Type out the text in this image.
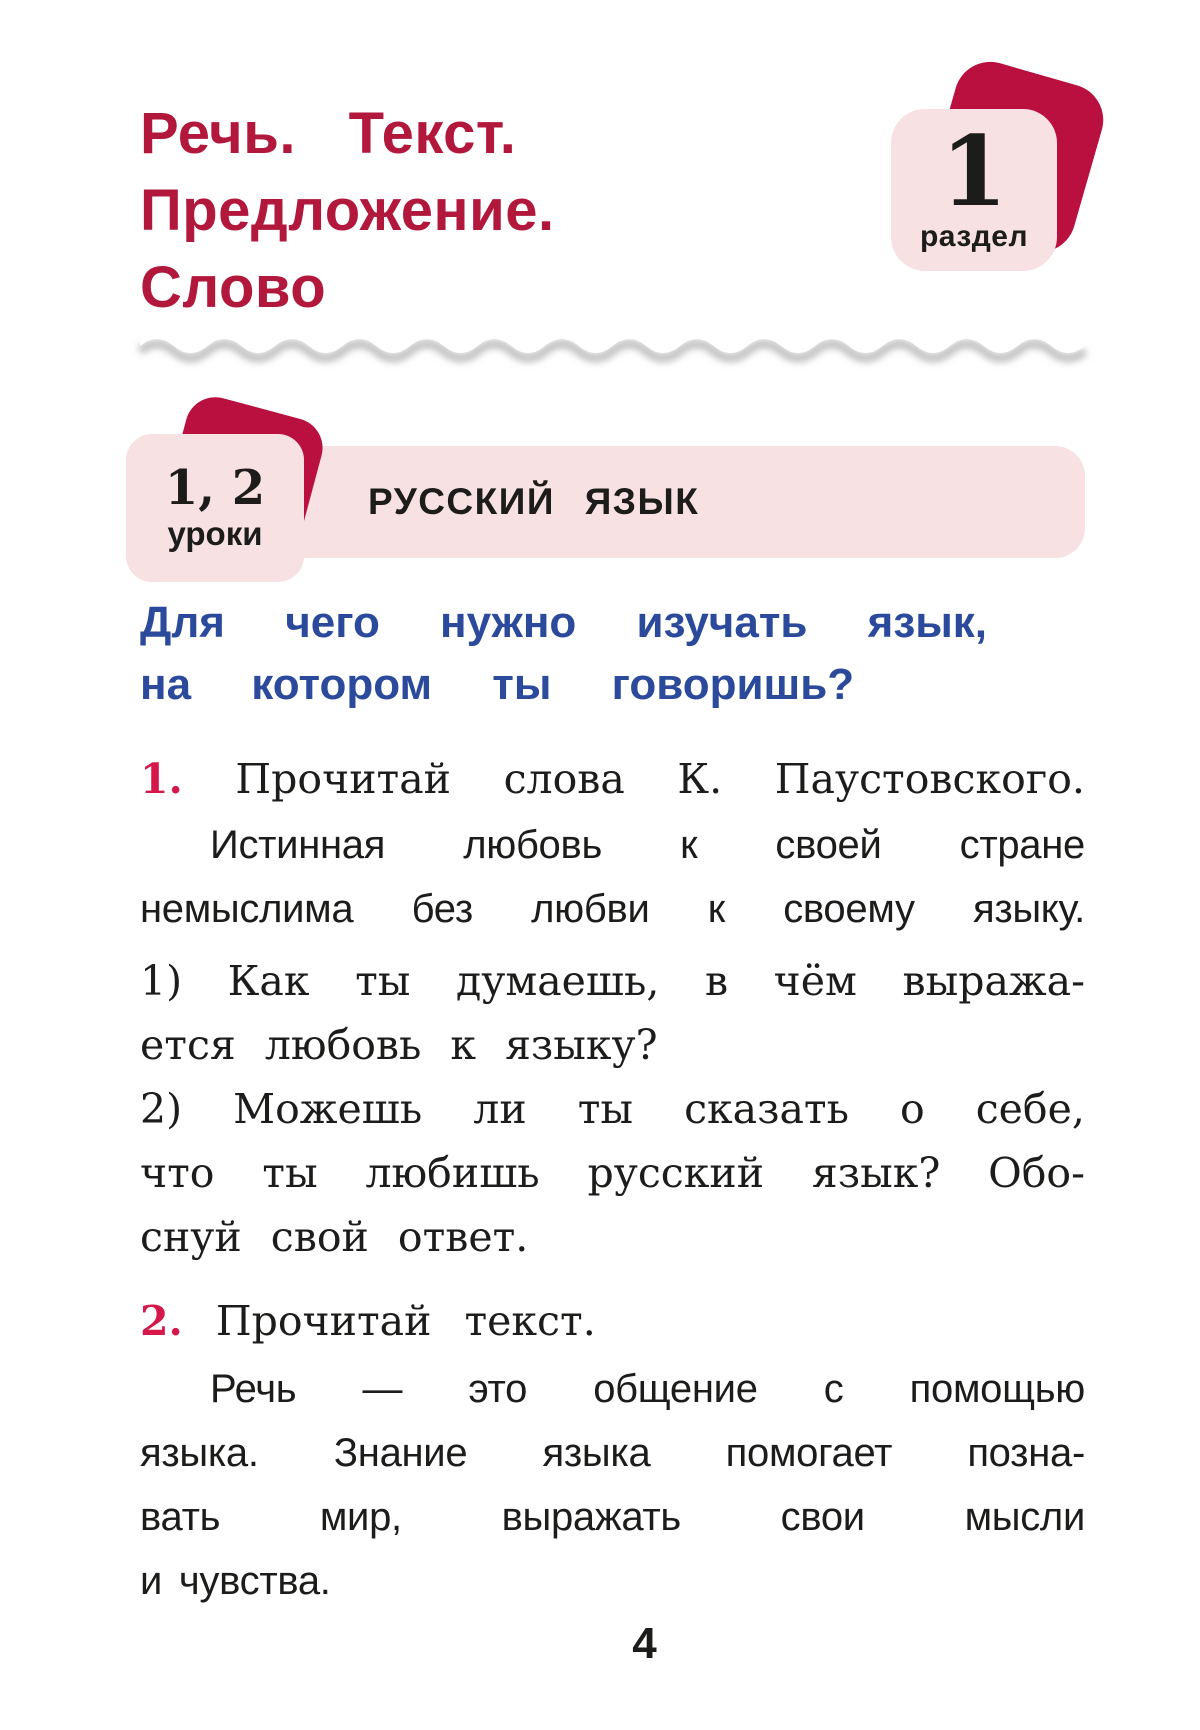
Речь. Текст.
Предложение.
Слово
1
раздел
1, 2
уроки
РУССКИЙ ЯЗЫК
Для чего нужно изучать язык,
на котором ты говоришь?
1. Прочитай слова К. Паустовского.
Истинная любовь к своей стране
немыслима без любви к своему языку.
1) Как ты думаешь, в чём выража-
ется любовь к языку?
2) Можешь ли ты сказать о себе,
что ты любишь русский язык? Обо-
снуй свой ответ.
2. Прочитай текст.
Речь — это общение с помощью
языка. Знание языка помогает позна-
вать мир, выражать свои мысли
и чувства.
4
